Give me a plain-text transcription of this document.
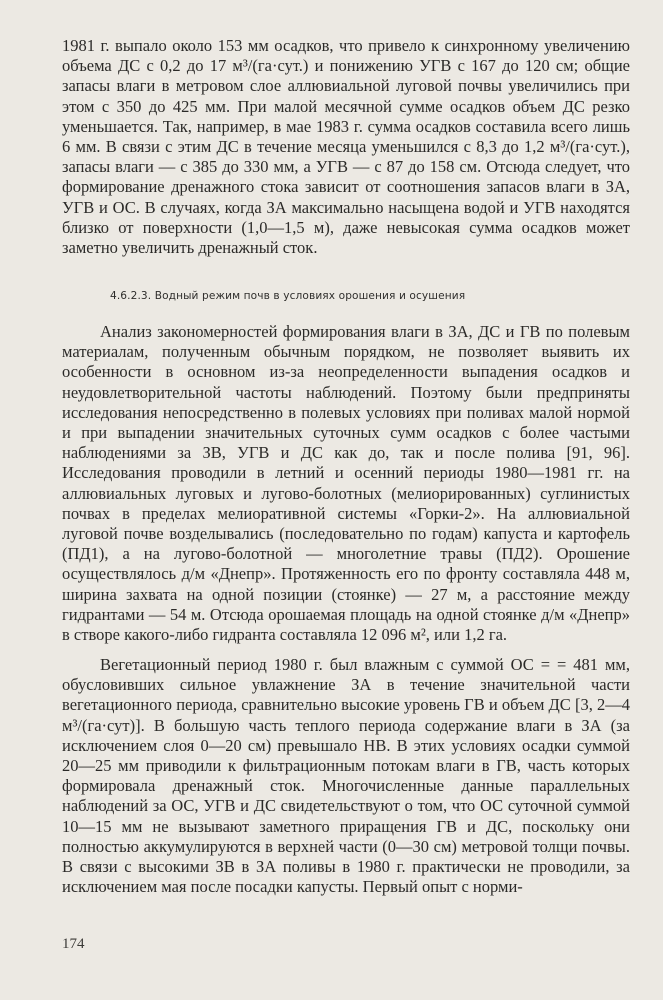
1981 г. выпало около 153 мм осадков, что привело к синхронному увеличению объема ДС с 0,2 до 17 м³/(га·сут.) и понижению УГВ с 167 до 120 см; общие запасы влаги в метровом слое аллювиальной луговой почвы увеличились при этом с 350 до 425 мм. При малой месячной сумме осадков объем ДС резко уменьшается. Так, например, в мае 1983 г. сумма осадков составила всего лишь 6 мм. В связи с этим ДС в течение месяца уменьшился с 8,3 до 1,2 м³/(га·сут.), запасы влаги — с 385 до 330 мм, а УГВ — с 87 до 158 см. Отсюда следует, что формирование дренажного стока зависит от соотношения запасов влаги в ЗА, УГВ и ОС. В случаях, когда ЗА максимально насыщена водой и УГВ находятся близко от поверхности (1,0—1,5 м), даже невысокая сумма осадков может заметно увеличить дренажный сток.

4.6.2.3. Водный режим почв в условиях орошения и осушения

Анализ закономерностей формирования влаги в ЗА, ДС и ГВ по полевым материалам, полученным обычным порядком, не позволяет выявить их особенности в основном из-за неопределенности выпадения осадков и неудовлетворительной частоты наблюдений. Поэтому были предприняты исследования непосредственно в полевых условиях при поливах малой нормой и при выпадении значительных суточных сумм осадков с более частыми наблюдениями за ЗВ, УГВ и ДС как до, так и после полива [91, 96]. Исследования проводили в летний и осенний периоды 1980—1981 гг. на аллювиальных луговых и лугово-болотных (мелиорированных) суглинистых почвах в пределах мелиоративной системы «Горки-2». На аллювиальной луговой почве возделывались (последовательно по годам) капуста и картофель (ПД1), а на лугово-болотной — многолетние травы (ПД2). Орошение осуществлялось д/м «Днепр». Протяженность его по фронту составляла 448 м, ширина захвата на одной позиции (стоянке) — 27 м, а расстояние между гидрантами — 54 м. Отсюда орошаемая площадь на одной стоянке д/м «Днепр» в створе какого-либо гидранта составляла 12 096 м², или 1,2 га.

Вегетационный период 1980 г. был влажным с суммой ОС = = 481 мм, обусловивших сильное увлажнение ЗА в течение значительной части вегетационного периода, сравнительно высокие уровень ГВ и объем ДС [3, 2—4 м³/(га·сут)]. В большую часть теплого периода содержание влаги в ЗА (за исключением слоя 0—20 см) превышало НВ. В этих условиях осадки суммой 20—25 мм приводили к фильтрационным потокам влаги в ГВ, часть которых формировала дренажный сток. Многочисленные данные параллельных наблюдений за ОС, УГВ и ДС свидетельствуют о том, что ОС суточной суммой 10—15 мм не вызывают заметного приращения ГВ и ДС, поскольку они полностью аккумулируются в верхней части (0—30 см) метровой толщи почвы. В связи с высокими ЗВ в ЗА поливы в 1980 г. практически не проводили, за исключением мая после посадки капусты. Первый опыт с норми-

174
